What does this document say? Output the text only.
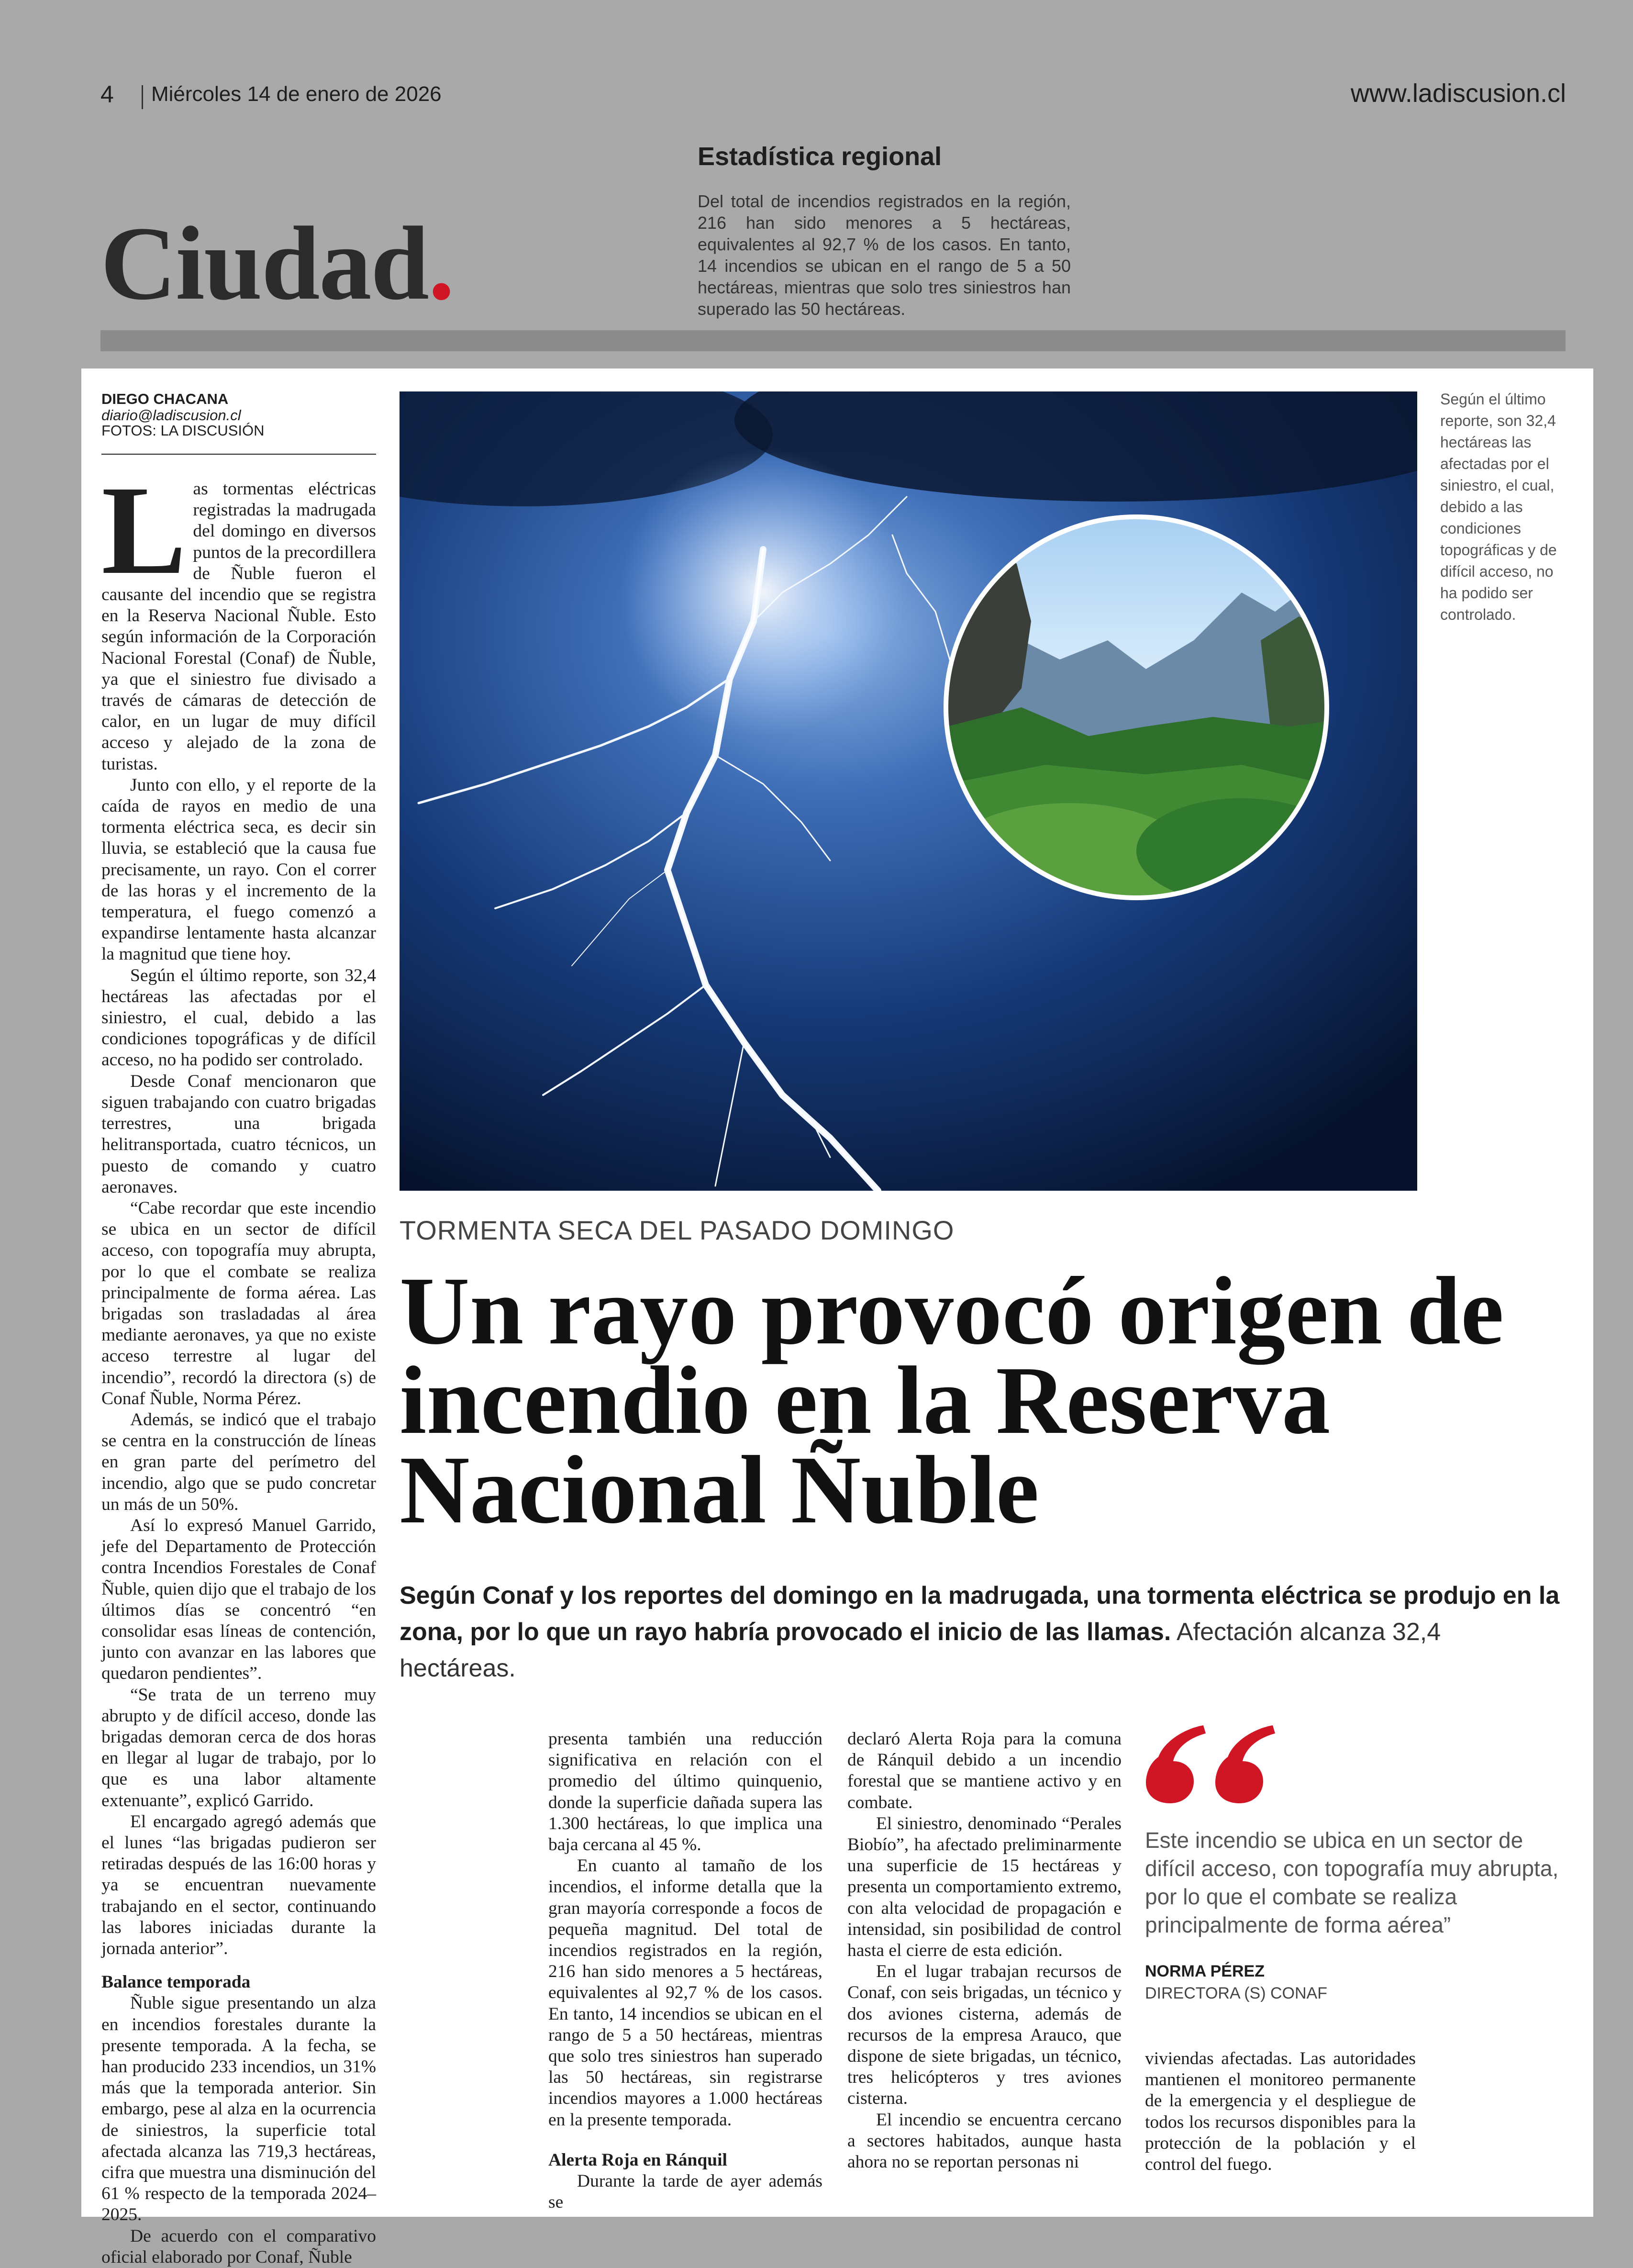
4 Miércoles 14 de enero de 2026	www.ladiscusion.cl
Estadística regional
Del total de incendios registrados en la región, 216 han sido menores a 5 hectáreas, equivalentes al 92,7 % de los casos. En tanto, 14 incendios se ubican en el rango de 5 a 50 hectáreas, mientras que solo tres siniestros han superado las 50 hectáreas.
Ciudad.
DIEGO CHACANA
diario@ladiscusion.cl
FOTOS: LA DISCUSIÓN
L as tormentas eléctricas registradas la madrugada del domingo en diversos puntos de la precordillera de Ñuble fueron el causante del incendio que se registra en la Reserva Nacional Ñuble. Esto según información de la Corporación Nacional Forestal (Conaf) de Ñuble, ya que el siniestro fue divisado a través de cámaras de detección de calor, en un lugar de muy difícil acceso y alejado de la zona de turistas.

Junto con ello, y el reporte de la caída de rayos en medio de una tormenta eléctrica seca, es decir sin lluvia, se estableció que la causa fue precisamente, un rayo. Con el correr de las horas y el incremento de la temperatura, el fuego comenzó a expandirse lentamente hasta alcanzar la magnitud que tiene hoy.

Según el último reporte, son 32,4 hectáreas las afectadas por el siniestro, el cual, debido a las condiciones topográficas y de difícil acceso, no ha podido ser controlado.

Desde Conaf mencionaron que siguen trabajando con cuatro brigadas terrestres, una brigada helitransportada, cuatro técnicos, un puesto de comando y cuatro aeronaves.

“Cabe recordar que este incendio se ubica en un sector de difícil acceso, con topografía muy abrupta, por lo que el combate se realiza principalmente de forma aérea. Las brigadas son trasladadas al área mediante aeronaves, ya que no existe acceso terrestre al lugar del incendio”, recordó la directora (s) de Conaf Ñuble, Norma Pérez.

Además, se indicó que el trabajo se centra en la construcción de líneas en gran parte del perímetro del incendio, algo que se pudo concretar un más de un 50%.

Así lo expresó Manuel Garrido, jefe del Departamento de Protección contra Incendios Forestales de Conaf Ñuble, quien dijo que el trabajo de los últimos días se concentró “en consolidar esas líneas de contención, junto con avanzar en las labores que quedaron pendientes”.

“Se trata de un terreno muy abrupto y de difícil acceso, donde las brigadas demoran cerca de dos horas en llegar al lugar de trabajo, por lo que es una labor altamente extenuante”, explicó Garrido.

El encargado agregó además que el lunes “las brigadas pudieron ser retiradas después de las 16:00 horas y ya se encuentran nuevamente trabajando en el sector, continuando las labores iniciadas durante la jornada anterior”.

Balance temporada

Ñuble sigue presentando un alza en incendios forestales durante la presente temporada. A la fecha, se han producido 233 incendios, un 31% más que la temporada anterior. Sin embargo, pese al alza en la ocurrencia de siniestros, la superficie total afectada alcanza las 719,3 hectáreas, cifra que muestra una disminución del 61 % respecto de la temporada 2024–2025.

De acuerdo con el comparativo oficial elaborado por Conaf, Ñuble

Según el último reporte, son 32,4 hectáreas las afectadas por el siniestro, el cual, debido a las condiciones topográficas y de difícil acceso, no ha podido ser controlado.
TORMENTA SECA DEL PASADO DOMINGO
Un rayo provocó origen de incendio en la Reserva Nacional Ñuble
Según Conaf y los reportes del domingo en la madrugada, una tormenta eléctrica se produjo en la zona, por lo que un rayo habría provocado el inicio de las llamas. Afectación alcanza 32,4 hectáreas.

presenta también una reducción significativa en relación con el promedio del último quinquenio, donde la superficie dañada supera las 1.300 hectáreas, lo que implica una baja cercana al 45 %.

En cuanto al tamaño de los incendios, el informe detalla que la gran mayoría corresponde a focos de pequeña magnitud. Del total de incendios registrados en la región, 216 han sido menores a 5 hectáreas, equivalentes al 92,7 % de los casos. En tanto, 14 incendios se ubican en el rango de 5 a 50 hectáreas, mientras que solo tres siniestros han superado las 50 hectáreas, sin registrarse incendios mayores a 1.000 hectáreas en la presente temporada.

Alerta Roja en Ránquil

Durante la tarde de ayer además se

declaró Alerta Roja para la comuna de Ránquil debido a un incendio forestal que se mantiene activo y en combate.

El siniestro, denominado “Perales Biobío”, ha afectado preliminarmente una superficie de 15 hectáreas y presenta un comportamiento extremo, con alta velocidad de propagación e intensidad, sin posibilidad de control hasta el cierre de esta edición.

En el lugar trabajan recursos de Conaf, con seis brigadas, un técnico y dos aviones cisterna, además de recursos de la empresa Arauco, que dispone de siete brigadas, un técnico, tres helicópteros y tres aviones cisterna.

El incendio se encuentra cercano a sectores habitados, aunque hasta ahora no se reportan personas ni

Este incendio se ubica en un sector de difícil acceso, con topografía muy abrupta, por lo que el combate se realiza principalmente de forma aérea”
NORMA PÉREZ
DIRECTORA (S) CONAF

viviendas afectadas. Las autoridades mantienen el monitoreo permanente de la emergencia y el despliegue de todos los recursos disponibles para la protección de la población y el control del fuego.
